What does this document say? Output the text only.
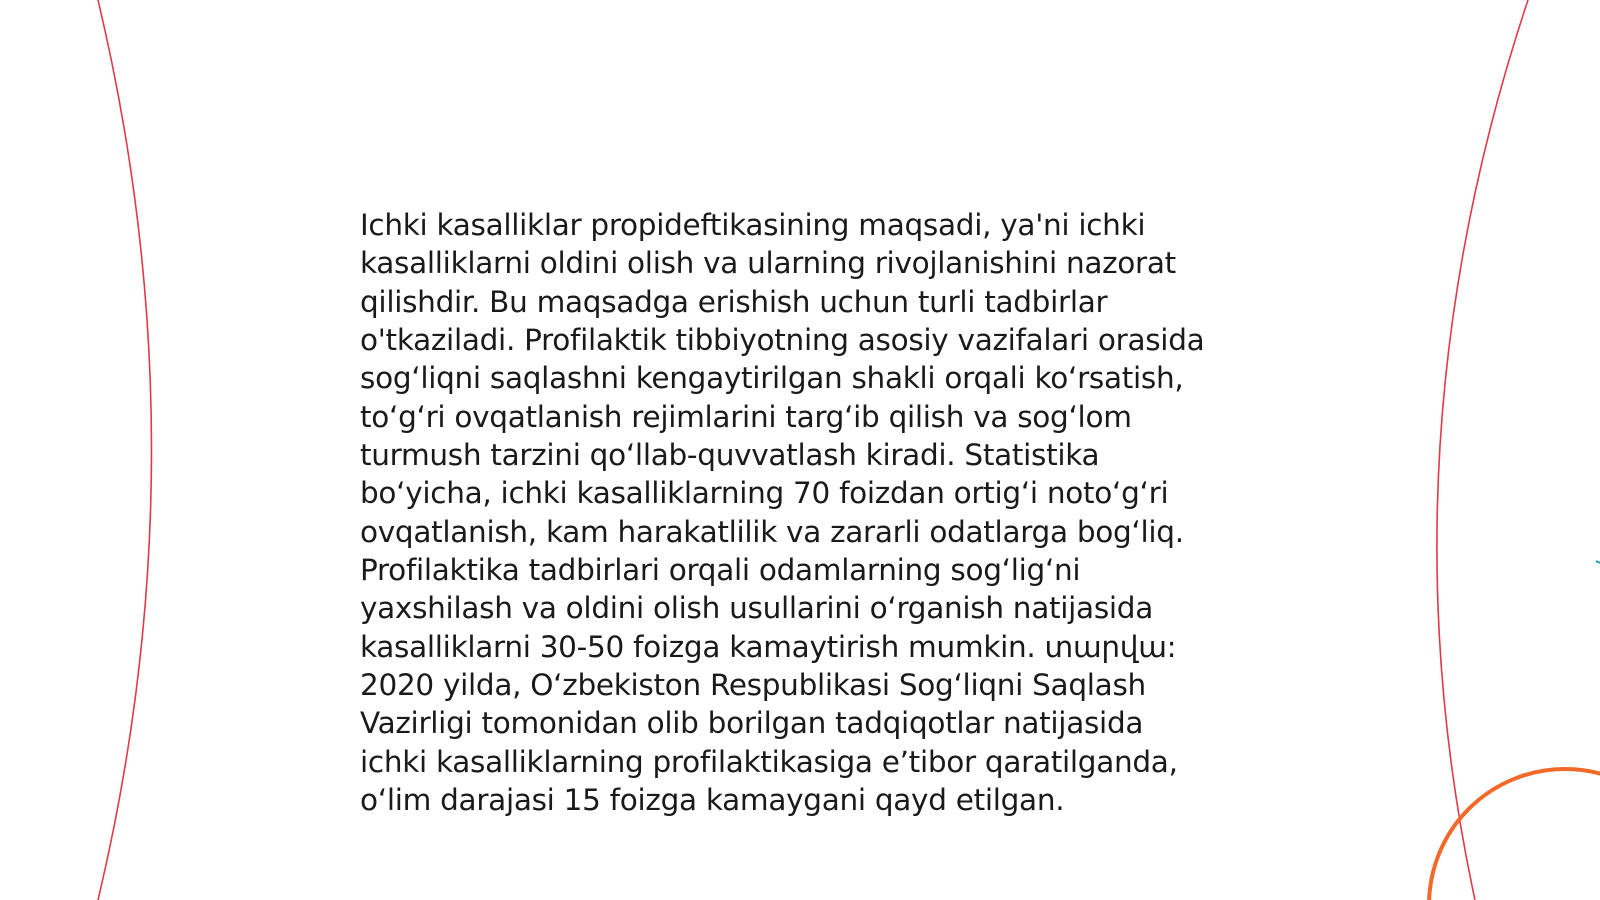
Ichki kasalliklar propideftikasining maqsadi, ya'ni ichki
kasalliklarni oldini olish va ularning rivojlanishini nazorat
qilishdir. Bu maqsadga erishish uchun turli tadbirlar
o'tkaziladi. Profilaktik tibbiyotning asosiy vazifalari orasida
sog‘liqni saqlashni kengaytirilgan shakli orqali ko‘rsatish,
to‘g‘ri ovqatlanish rejimlarini targ‘ib qilish va sog‘lom
turmush tarzini qo‘llab-quvvatlash kiradi. Statistika
bo‘yicha, ichki kasalliklarning 70 foizdan ortig‘i noto‘g‘ri
ovqatlanish, kam harakatlilik va zararli odatlarga bog‘liq.
Profilaktika tadbirlari orqali odamlarning sog‘lig‘ni
yaxshilash va oldini olish usullarini o‘rganish natijasida
kasalliklarni 30-50 foizga kamaytirish mumkin. տարվա:
2020 yilda, O‘zbekiston Respublikasi Sog‘liqni Saqlash
Vazirligi tomonidan olib borilgan tadqiqotlar natijasida
ichki kasalliklarning profilaktikasiga e’tibor qaratilganda,
o‘lim darajasi 15 foizga kamaygani qayd etilgan.
